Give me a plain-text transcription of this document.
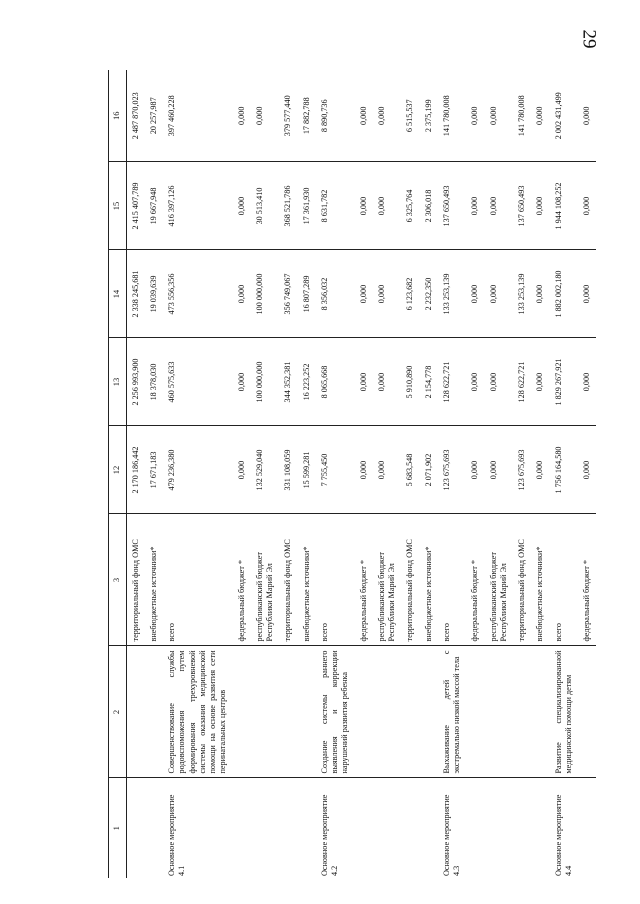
29
1	2	3	12	13	14	15	16
		территориальный фонд ОМС	2 170 186,442	2 256 993,900	2 338 245,681	2 415 407,789	2 487 870,023
		внебюджетные источники*	17 671,183	18 378,030	19 039,639	19 667,948	20 257,987
Основное мероприятие 4.1	Совершенствование службы родовспоможения путем формирования трехуровневой системы оказания медицинской помощи на основе развития сети перинатальных центров	всего	479 236,380	460 575,633	473 556,356	416 397,126	397 460,228
		федеральный бюджет *	0,000	0,000	0,000	0,000	0,000
		республиканский бюджет Республики Марий Эл	132 529,040	100 000,000	100 000,000	30 513,410	0,000
		территориальный фонд ОМС	331 108,059	344 352,381	356 749,067	368 521,786	379 577,440
		внебюджетные источники*	15 599,281	16 223,252	16 807,289	17 361,930	17 882,788
Основное мероприятие 4.2	Создание системы раннего выявления и коррекции нарушений развития ребенка	всего	7 755,450	8 065,668	8 356,032	8 631,782	8 890,736
		федеральный бюджет *	0,000	0,000	0,000	0,000	0,000
		республиканский бюджет Республики Марий Эл	0,000	0,000	0,000	0,000	0,000
		территориальный фонд ОМС	5 683,548	5 910,890	6 123,682	6 325,764	6 515,537
		внебюджетные источники*	2 071,902	2 154,778	2 232,350	2 306,018	2 375,199
Основное мероприятие 4.3	Выхаживание детей с экстремально низкой массой тела	всего	123 675,693	128 622,721	133 253,139	137 650,493	141 780,008
		федеральный бюджет *	0,000	0,000	0,000	0,000	0,000
		республиканский бюджет Республики Марий Эл	0,000	0,000	0,000	0,000	0,000
		территориальный фонд ОМС	123 675,693	128 622,721	133 253,139	137 650,493	141 780,008
		внебюджетные источники*	0,000	0,000	0,000	0,000	0,000
Основное мероприятие 4.4	Развитие специализированной медицинской помощи детям	всего	1 756 164,580	1 829 267,921	1 882 002,180	1 944 108,252	2 002 431,499
		федеральный бюджет *	0,000	0,000	0,000	0,000	0,000
